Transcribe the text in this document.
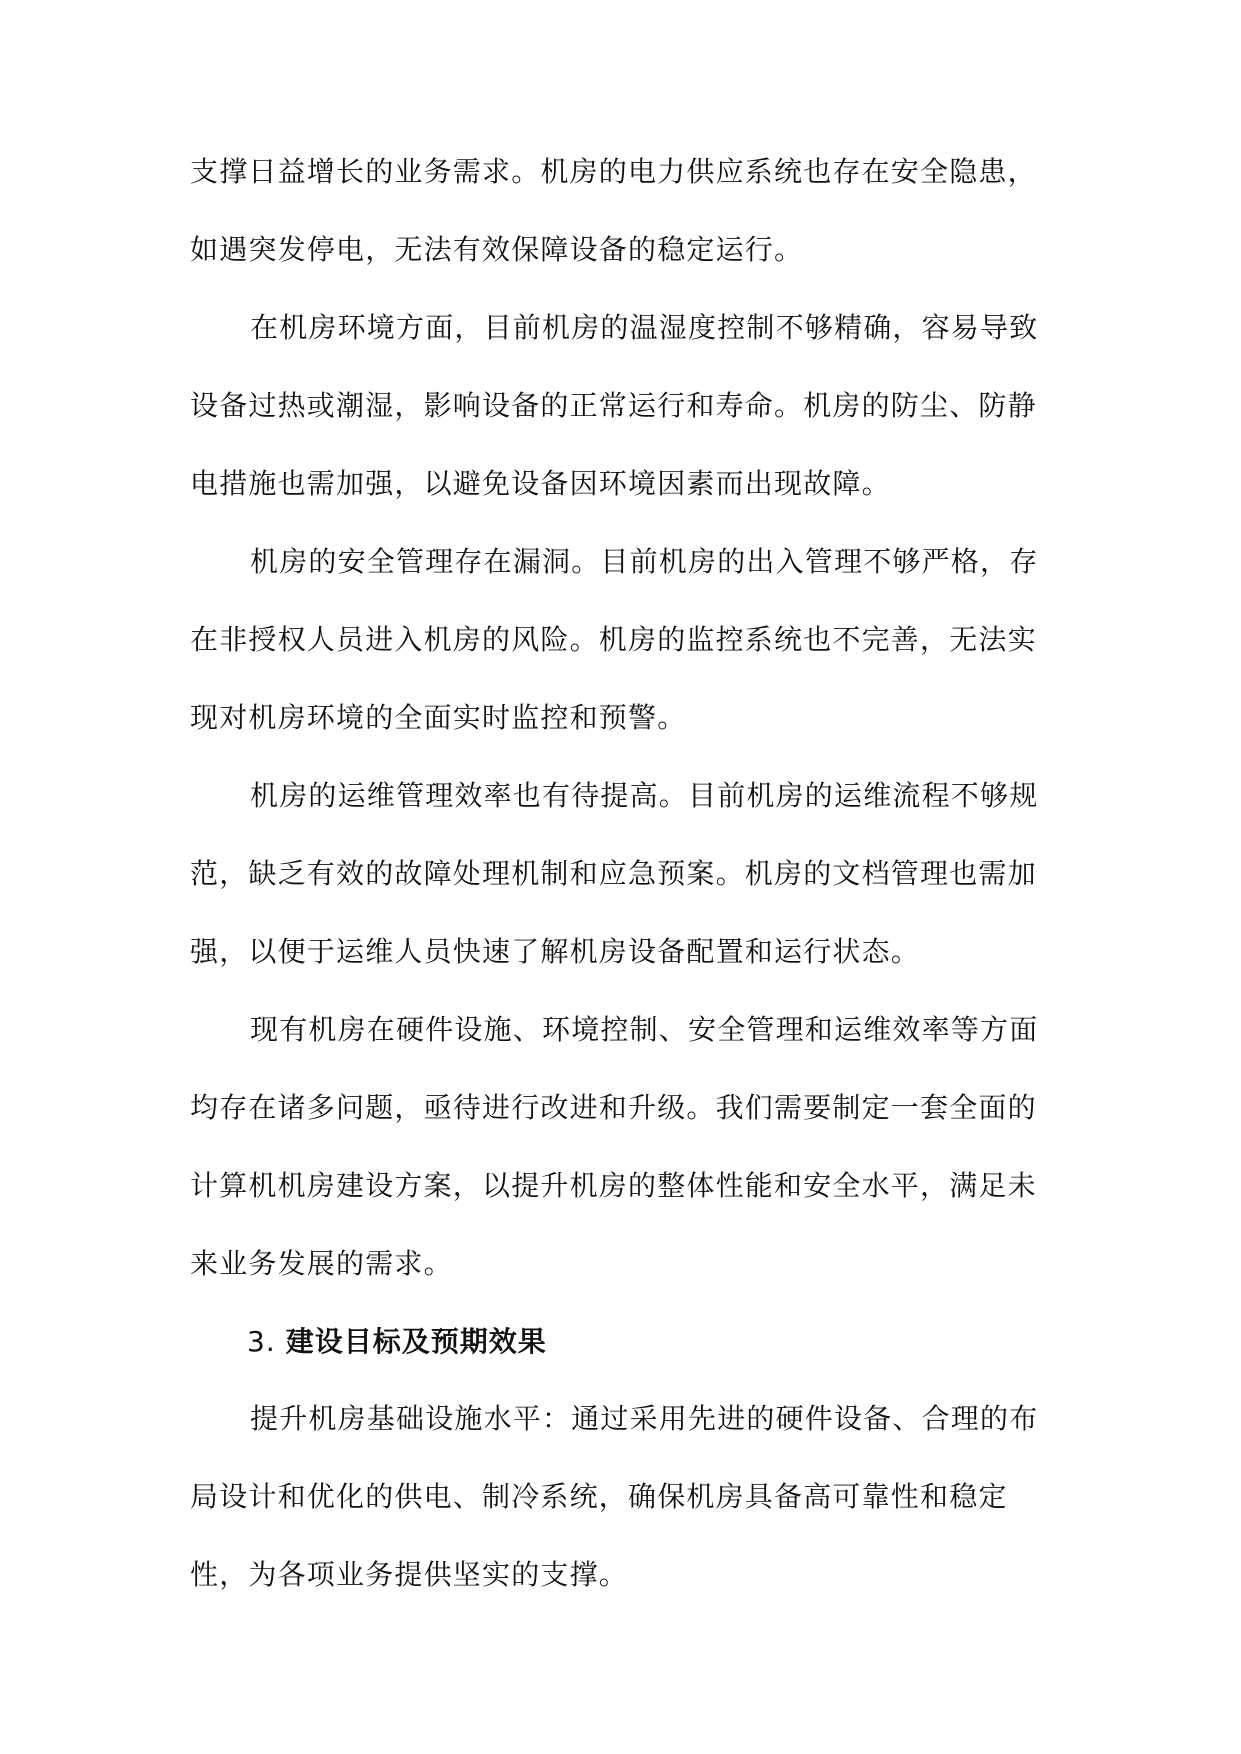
支撑日益增长的业务需求。机房的电力供应系统也存在安全隐患，如遇突发停电，无法有效保障设备的稳定运行。

在机房环境方面，目前机房的温湿度控制不够精确，容易导致设备过热或潮湿，影响设备的正常运行和寿命。机房的防尘、防静电措施也需加强，以避免设备因环境因素而出现故障。

机房的安全管理存在漏洞。目前机房的出入管理不够严格，存在非授权人员进入机房的风险。机房的监控系统也不完善，无法实现对机房环境的全面实时监控和预警。

机房的运维管理效率也有待提高。目前机房的运维流程不够规范，缺乏有效的故障处理机制和应急预案。机房的文档管理也需加强，以便于运维人员快速了解机房设备配置和运行状态。

现有机房在硬件设施、环境控制、安全管理和运维效率等方面均存在诸多问题，亟待进行改进和升级。我们需要制定一套全面的计算机机房建设方案，以提升机房的整体性能和安全水平，满足未来业务发展的需求。

3. 建设目标及预期效果

提升机房基础设施水平：通过采用先进的硬件设备、合理的布局设计和优化的供电、制冷系统，确保机房具备高可靠性和稳定性，为各项业务提供坚实的支撑。
